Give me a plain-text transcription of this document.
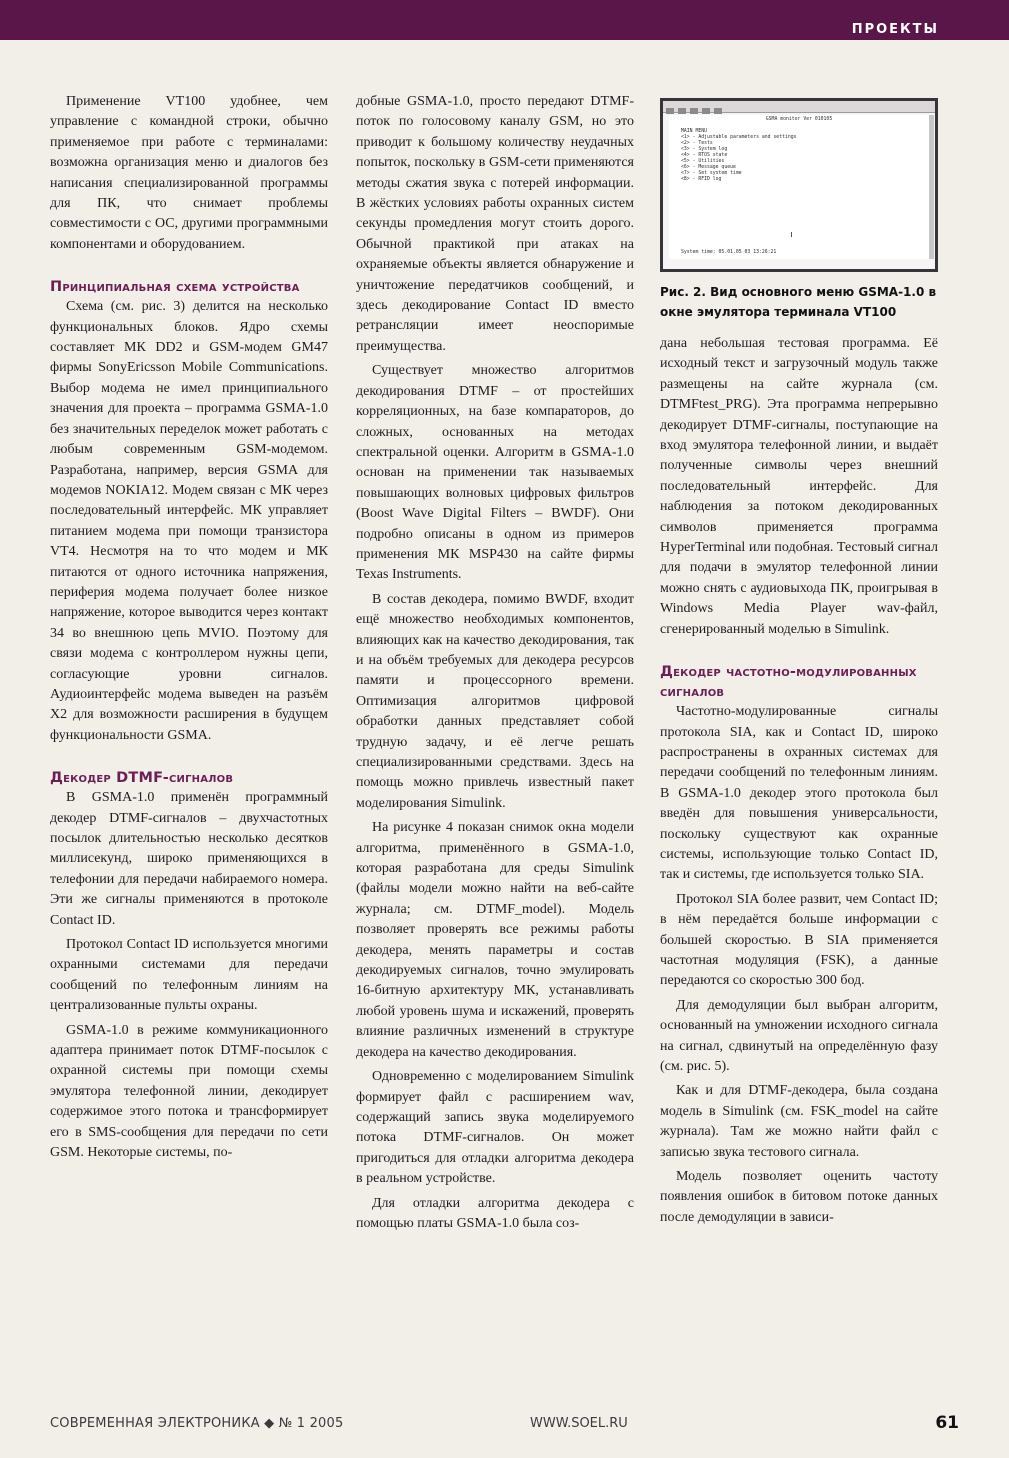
ПРОЕКТЫ

Применение VT100 удобнее, чем управление с командной строки, обычно применяемое при работе с терминалами: возможна организация меню и диалогов без написания специализированной программы для ПК, что снимает проблемы совместимости с ОС, другими программными компонентами и оборудованием.

Принципиальная схема устройства

Схема (см. рис. 3) делится на несколько функциональных блоков. Ядро схемы составляет МК DD2 и GSM-модем GM47 фирмы SonyEricsson Mobile Communications. Выбор модема не имел принципиального значения для проекта – программа GSMA-1.0 без значительных переделок может работать с любым современным GSM-модемом. Разработана, например, версия GSMA для модемов NOKIA12. Модем связан с МК через последовательный интерфейс. МК управляет питанием модема при помощи транзистора VT4. Несмотря на то что модем и МК питаются от одного источника напряжения, периферия модема получает более низкое напряжение, которое выводится через контакт 34 во внешнюю цепь MVIO. Поэтому для связи модема с контроллером нужны цепи, согласующие уровни сигналов. Аудиоинтерфейс модема выведен на разъём X2 для возможности расширения в будущем функциональности GSMA.

Декодер DTMF-сигналов

В GSMA-1.0 применён программный декодер DTMF-сигналов – двухчастотных посылок длительностью несколько десятков миллисекунд, широко применяющихся в телефонии для передачи набираемого номера. Эти же сигналы применяются в протоколе Contact ID.

Протокол Contact ID используется многими охранными системами для передачи сообщений по телефонным линиям на централизованные пульты охраны.

GSMA-1.0 в режиме коммуникационного адаптера принимает поток DTMF-посылок с охранной системы при помощи схемы эмулятора телефонной линии, декодирует содержимое этого потока и трансформирует его в SMS-сообщения для передачи по сети GSM. Некоторые системы, по-

добные GSMA-1.0, просто передают DTMF-поток по голосовому каналу GSM, но это приводит к большому количеству неудачных попыток, поскольку в GSM-сети применяются методы сжатия звука с потерей информации. В жёстких условиях работы охранных систем секунды промедления могут стоить дорого. Обычной практикой при атаках на охраняемые объекты является обнаружение и уничтожение передатчиков сообщений, и здесь декодирование Contact ID вместо ретрансляции имеет неоспоримые преимущества.

Существует множество алгоритмов декодирования DTMF – от простейших корреляционных, на базе компараторов, до сложных, основанных на методах спектральной оценки. Алгоритм в GSMA-1.0 основан на применении так называемых повышающих волновых цифровых фильтров (Boost Wave Digital Filters – BWDF). Они подробно описаны в одном из примеров применения МК MSP430 на сайте фирмы Texas Instruments.

В состав декодера, помимо BWDF, входит ещё множество необходимых компонентов, влияющих как на качество декодирования, так и на объём требуемых для декодера ресурсов памяти и процессорного времени. Оптимизация алгоритмов цифровой обработки данных представляет собой трудную задачу, и её легче решать специализированными средствами. Здесь на помощь можно привлечь известный пакет моделирования Simulink.

На рисунке 4 показан снимок окна модели алгоритма, применённого в GSMA-1.0, которая разработана для среды Simulink (файлы модели можно найти на веб-сайте журнала; см. DTMF_model). Модель позволяет проверять все режимы работы декодера, менять параметры и состав декодируемых сигналов, точно эмулировать 16-битную архитектуру МК, устанавливать любой уровень шума и искажений, проверять влияние различных изменений в структуре декодера на качество декодирования.

Одновременно с моделированием Simulink формирует файл с расширением wav, содержащий запись звука моделируемого потока DTMF-сигналов. Он может пригодиться для отладки алгоритма декодера в реальном устройстве.

Для отладки алгоритма декодера с помощью платы GSMA-1.0 была соз-

GSMA monitor Ver 010105
MAIN MENU
<1> - Adjustable parameters and settings
<2> - Tests
<3> - System log
<4> - RTOS state
<5> - Utilities
<6> - Message queue
<7> - Set system time
<8> - RFID log
System time: 05.01.05 03 13:26:21
Рис. 2. Вид основного меню GSMA-1.0 в окне эмулятора терминала VT100

дана небольшая тестовая программа. Её исходный текст и загрузочный модуль также размещены на сайте журнала (см. DTMFtest_PRG). Эта программа непрерывно декодирует DTMF-сигналы, поступающие на вход эмулятора телефонной линии, и выдаёт полученные символы через внешний последовательный интерфейс. Для наблюдения за потоком декодированных символов применяется программа HyperTerminal или подобная. Тестовый сигнал для подачи в эмулятор телефонной линии можно снять с аудиовыхода ПК, проигрывая в Windows Media Player wav-файл, сгенерированный моделью в Simulink.

Декодер частотно-модулированных сигналов

Частотно-модулированные сигналы протокола SIA, как и Contact ID, широко распространены в охранных системах для передачи сообщений по телефонным линиям. В GSMA-1.0 декодер этого протокола был введён для повышения универсальности, поскольку существуют как охранные системы, использующие только Contact ID, так и системы, где используется только SIA.

Протокол SIA более развит, чем Contact ID; в нём передаётся больше информации с большей скоростью. В SIA применяется частотная модуляция (FSK), а данные передаются со скоростью 300 бод.

Для демодуляции был выбран алгоритм, основанный на умножении исходного сигнала на сигнал, сдвинутый на определённую фазу (см. рис. 5).

Как и для DTMF-декодера, была создана модель в Simulink (см. FSK_model на сайте журнала). Там же можно найти файл с записью звука тестового сигнала.

Модель позволяет оценить частоту появления ошибок в битовом потоке данных после демодуляции в зависи-

СОВРЕМЕННАЯ ЭЛЕКТРОНИКА ◆ № 1 2005	WWW.SOEL.RU	61
